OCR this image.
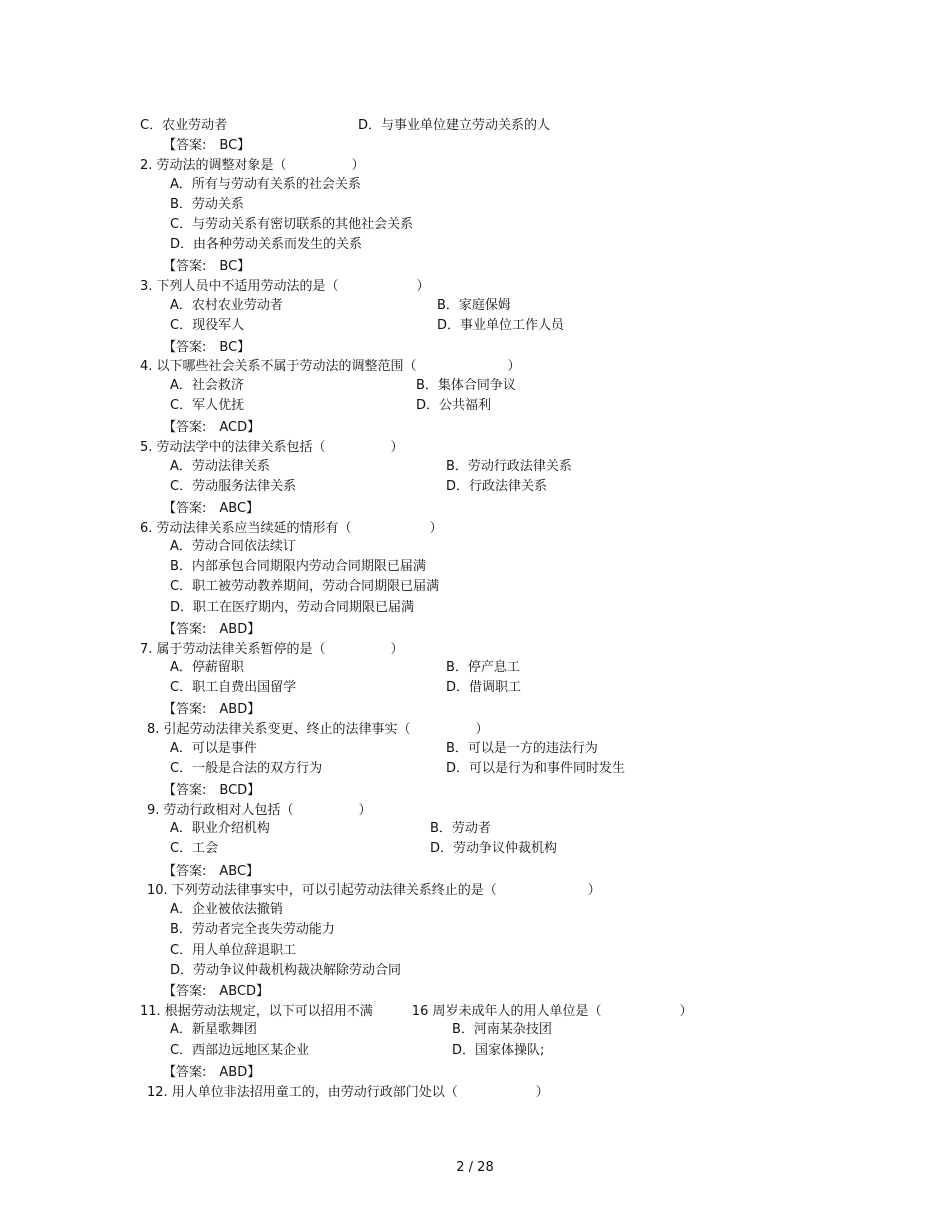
C．农业劳动者	D．与事业单位建立劳动关系的人
【答案:　BC】
2. 劳动法的调整对象是（　　　　　）
A．所有与劳动有关系的社会关系
B．劳动关系
C．与劳动关系有密切联系的其他社会关系
D．由各种劳动关系而发生的关系
【答案:　BC】
3. 下列人员中不适用劳动法的是（　　　　　　）
A．农村农业劳动者	B．家庭保姆
C．现役军人	D．事业单位工作人员
【答案:　BC】
4. 以下哪些社会关系不属于劳动法的调整范围（　　　　　　　）
A．社会救济	B．集体合同争议
C．军人优抚	D．公共福利
【答案:　ACD】
5. 劳动法学中的法律关系包括（　　　　　）
A．劳动法律关系	B．劳动行政法律关系
C．劳动服务法律关系	D．行政法律关系
【答案:　ABC】
6. 劳动法律关系应当续延的情形有（　　　　　　）
A．劳动合同依法续订
B．内部承包合同期限内劳动合同期限已届满
C．职工被劳动教养期间，劳动合同期限已届满
D．职工在医疗期内，劳动合同期限已届满
【答案:　ABD】
7. 属于劳动法律关系暂停的是（　　　　　）
A．停薪留职	B．停产息工
C．职工自费出国留学	D．借调职工
【答案:　ABD】
8. 引起劳动法律关系变更、终止的法律事实（　　　　　）
A．可以是事件	B．可以是一方的违法行为
C．一般是合法的双方行为	D．可以是行为和事件同时发生
【答案:　BCD】
9. 劳动行政相对人包括（　　　　　）
A．职业介绍机构	B．劳动者
C．工会	D．劳动争议仲裁机构
【答案:　ABC】
10. 下列劳动法律事实中，可以引起劳动法律关系终止的是（　　　　　　　）
A．企业被依法撤销
B．劳动者完全丧失劳动能力
C．用人单位辞退职工
D．劳动争议仲裁机构裁决解除劳动合同
【答案:　ABCD】
11. 根据劳动法规定，以下可以招用不满　　　16 周岁未成年人的用人单位是（　　　　　　）
A．新星歌舞团	B．河南某杂技团
C．西部边远地区某企业	D．国家体操队;
【答案:　ABD】
12. 用人单位非法招用童工的，由劳动行政部门处以（　　　　　　）
2 / 28
